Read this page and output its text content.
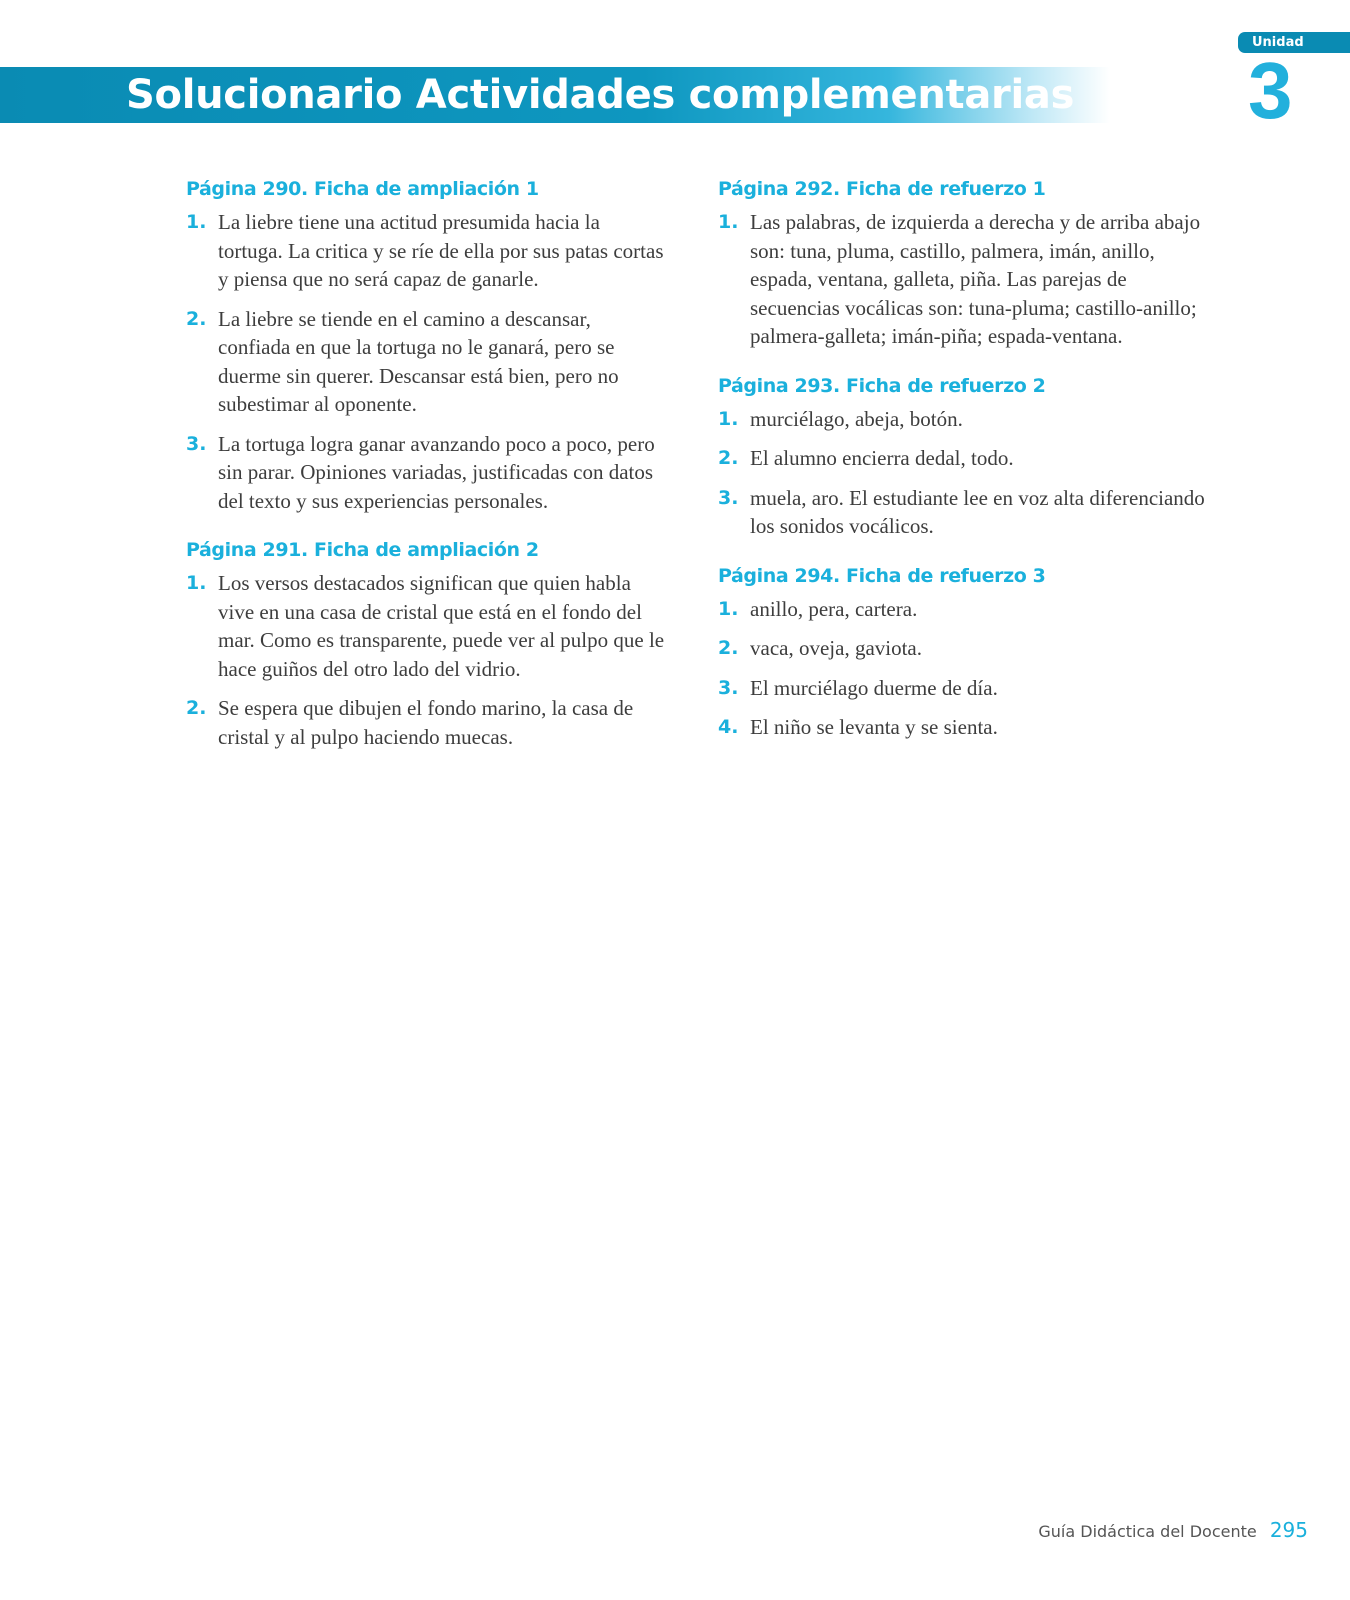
Solucionario Actividades complementarias
Unidad
3
Página 290. Ficha de ampliación 1
1. La liebre tiene una actitud presumida hacia la tortuga. La critica y se ríe de ella por sus patas cortas y piensa que no será capaz de ganarle.
2. La liebre se tiende en el camino a descansar, confiada en que la tortuga no le ganará, pero se duerme sin querer. Descansar está bien, pero no subestimar al oponente.
3. La tortuga logra ganar avanzando poco a poco, pero sin parar. Opiniones variadas, justificadas con datos del texto y sus experiencias personales.
Página 291. Ficha de ampliación 2
1. Los versos destacados significan que quien habla vive en una casa de cristal que está en el fondo del mar. Como es transparente, puede ver al pulpo que le hace guiños del otro lado del vidrio.
2. Se espera que dibujen el fondo marino, la casa de cristal y al pulpo haciendo muecas.
Página 292. Ficha de refuerzo 1
1. Las palabras, de izquierda a derecha y de arriba abajo son: tuna, pluma, castillo, palmera, imán, anillo, espada, ventana, galleta, piña. Las parejas de secuencias vocálicas son: tuna-pluma; castillo-anillo; palmera-galleta; imán-piña; espada-ventana.
Página 293. Ficha de refuerzo 2
1. murciélago, abeja, botón.
2. El alumno encierra dedal, todo.
3. muela, aro. El estudiante lee en voz alta diferenciando los sonidos vocálicos.
Página 294. Ficha de refuerzo 3
1. anillo, pera, cartera.
2. vaca, oveja, gaviota.
3. El murciélago duerme de día.
4. El niño se levanta y se sienta.
Guía Didáctica del Docente 295
